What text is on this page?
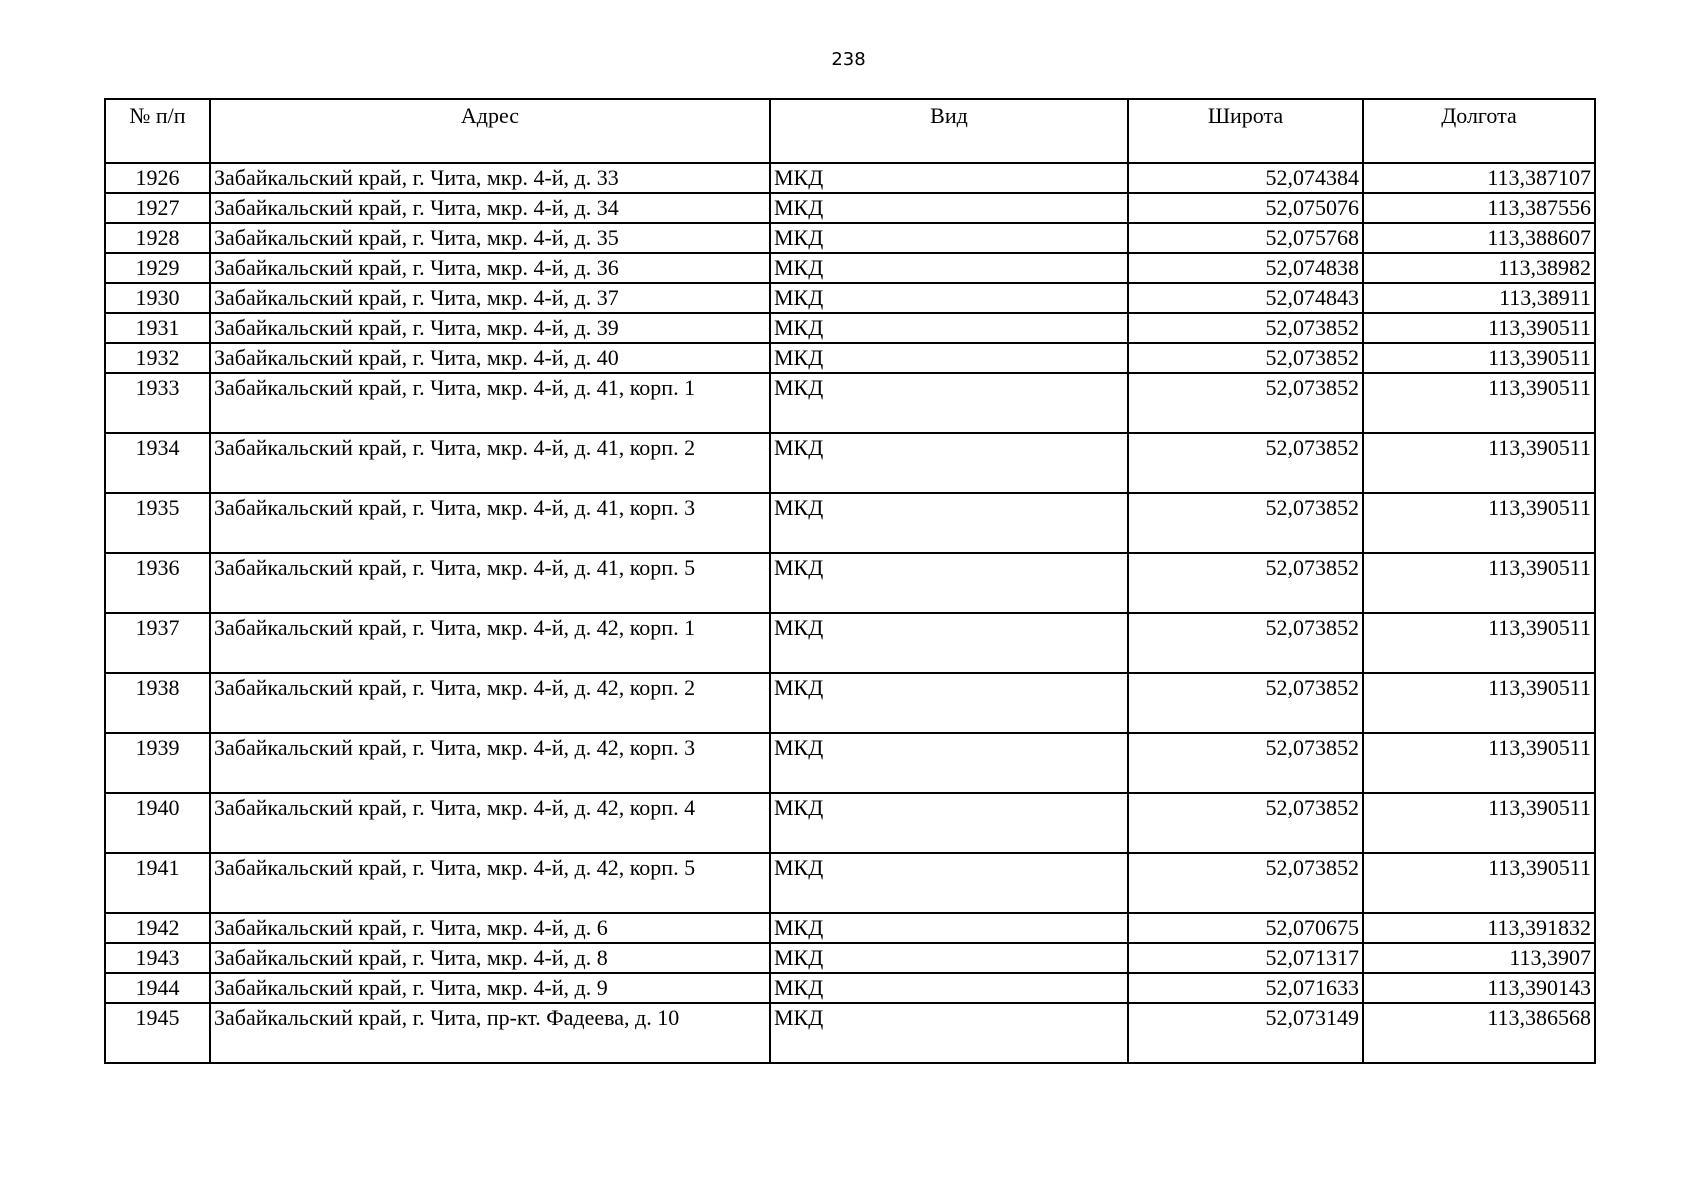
238
№ п/п	Адрес	Вид	Широта	Долгота
1926	Забайкальский край, г. Чита, мкр. 4-й, д. 33	МКД	52,074384	113,387107
1927	Забайкальский край, г. Чита, мкр. 4-й, д. 34	МКД	52,075076	113,387556
1928	Забайкальский край, г. Чита, мкр. 4-й, д. 35	МКД	52,075768	113,388607
1929	Забайкальский край, г. Чита, мкр. 4-й, д. 36	МКД	52,074838	113,38982
1930	Забайкальский край, г. Чита, мкр. 4-й, д. 37	МКД	52,074843	113,38911
1931	Забайкальский край, г. Чита, мкр. 4-й, д. 39	МКД	52,073852	113,390511
1932	Забайкальский край, г. Чита, мкр. 4-й, д. 40	МКД	52,073852	113,390511
1933	Забайкальский край, г. Чита, мкр. 4-й, д. 41, корп. 1	МКД	52,073852	113,390511
1934	Забайкальский край, г. Чита, мкр. 4-й, д. 41, корп. 2	МКД	52,073852	113,390511
1935	Забайкальский край, г. Чита, мкр. 4-й, д. 41, корп. 3	МКД	52,073852	113,390511
1936	Забайкальский край, г. Чита, мкр. 4-й, д. 41, корп. 5	МКД	52,073852	113,390511
1937	Забайкальский край, г. Чита, мкр. 4-й, д. 42, корп. 1	МКД	52,073852	113,390511
1938	Забайкальский край, г. Чита, мкр. 4-й, д. 42, корп. 2	МКД	52,073852	113,390511
1939	Забайкальский край, г. Чита, мкр. 4-й, д. 42, корп. 3	МКД	52,073852	113,390511
1940	Забайкальский край, г. Чита, мкр. 4-й, д. 42, корп. 4	МКД	52,073852	113,390511
1941	Забайкальский край, г. Чита, мкр. 4-й, д. 42, корп. 5	МКД	52,073852	113,390511
1942	Забайкальский край, г. Чита, мкр. 4-й, д. 6	МКД	52,070675	113,391832
1943	Забайкальский край, г. Чита, мкр. 4-й, д. 8	МКД	52,071317	113,3907
1944	Забайкальский край, г. Чита, мкр. 4-й, д. 9	МКД	52,071633	113,390143
1945	Забайкальский край, г. Чита, пр-кт. Фадеева, д. 10	МКД	52,073149	113,386568
